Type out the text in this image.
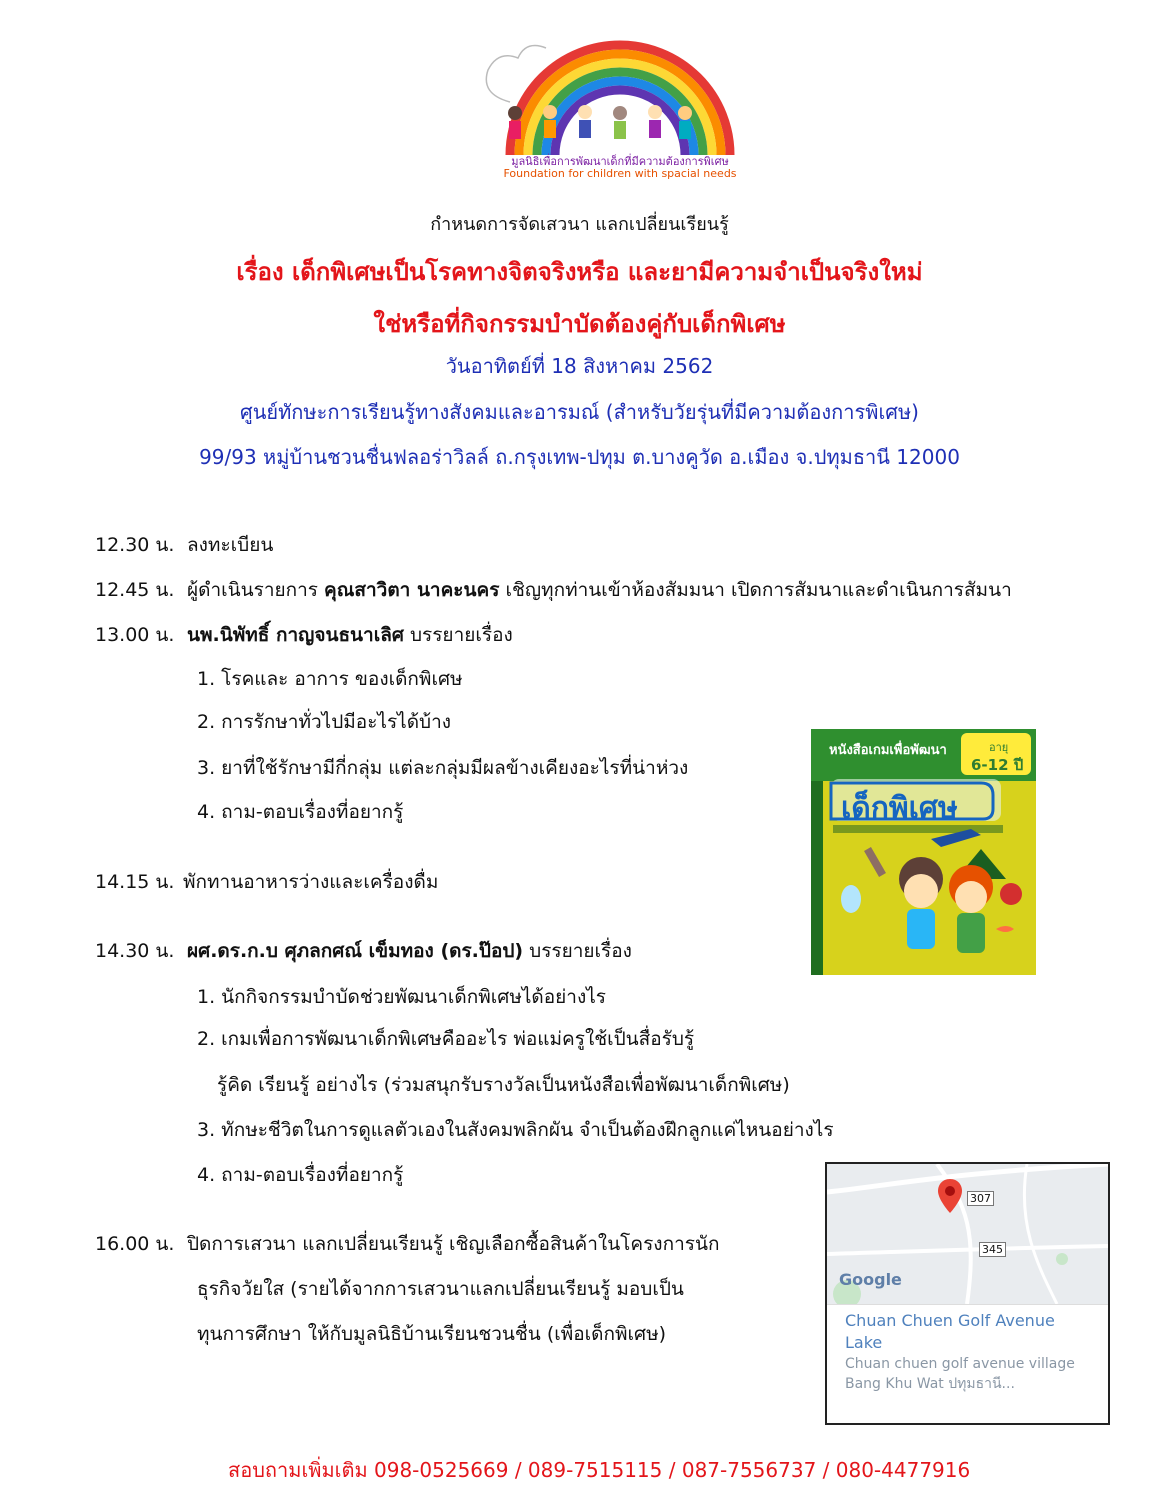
มูลนิธิเพื่อการพัฒนาเด็กที่มีความต้องการพิเศษ
Foundation for children with spacial needs
กำหนดการจัดเสวนา แลกเปลี่ยนเรียนรู้
เรื่อง เด็กพิเศษเป็นโรคทางจิตจริงหรือ และยามีความจำเป็นจริงใหม่
ใช่หรือที่กิจกรรมบำบัดต้องคู่กับเด็กพิเศษ
วันอาทิตย์ที่ 18 สิงหาคม 2562
ศูนย์ทักษะการเรียนรู้ทางสังคมและอารมณ์ (สำหรับวัยรุ่นที่มีความต้องการพิเศษ)
99/93 หมู่บ้านชวนชื่นฟลอร่าวิลล์ ถ.กรุงเทพ-ปทุม ต.บางคูวัด อ.เมือง จ.ปทุมธานี 12000
12.30 น. ลงทะเบียน
12.45 น. ผู้ดำเนินรายการ คุณสาวิตา นาคะนคร เชิญทุกท่านเข้าห้องสัมมนา เปิดการสัมนาและดำเนินการสัมนา
13.00 น. นพ.นิพัทธิ์ กาญจนธนาเลิศ บรรยายเรื่อง
1. โรคและ อาการ ของเด็กพิเศษ
2. การรักษาทั่วไปมีอะไรได้บ้าง
3. ยาที่ใช้รักษามีกี่กลุ่ม แต่ละกลุ่มมีผลข้างเคียงอะไรที่น่าห่วง
4. ถาม-ตอบเรื่องที่อยากรู้
14.15 น. พักทานอาหารว่างและเครื่องดื่ม
14.30 น. ผศ.ดร.ก.บ ศุภลกศณ์ เข็มทอง (ดร.ป๊อป) บรรยายเรื่อง
1. นักกิจกรรมบำบัดช่วยพัฒนาเด็กพิเศษได้อย่างไร
2. เกมเพื่อการพัฒนาเด็กพิเศษคืออะไร พ่อแม่ครูใช้เป็นสื่อรับรู้
รู้คิด เรียนรู้ อย่างไร (ร่วมสนุกรับรางวัลเป็นหนังสือเพื่อพัฒนาเด็กพิเศษ)
3. ทักษะชีวิตในการดูแลตัวเองในสังคมพลิกผัน จำเป็นต้องฝึกลูกแค่ไหนอย่างไร
4. ถาม-ตอบเรื่องที่อยากรู้
16.00 น. ปิดการเสวนา แลกเปลี่ยนเรียนรู้ เชิญเลือกซื้อสินค้าในโครงการนัก
ธุรกิจวัยใส (รายได้จากการเสวนาแลกเปลี่ยนเรียนรู้ มอบเป็น
ทุนการศึกษา ให้กับมูลนิธิบ้านเรียนชวนชื่น (เพื่อเด็กพิเศษ)
หนังสือเกมเพื่อพัฒนา	อายุ
6-12 ปี
เด็กพิเศษ
307
345
Google
Chuan Chuen Golf Avenue Lake
Chuan chuen golf avenue village Bang Khu Wat ปทุมธานี...
สอบถามเพิ่มเติม 098-0525669 / 089-7515115 / 087-7556737 / 080-4477916
